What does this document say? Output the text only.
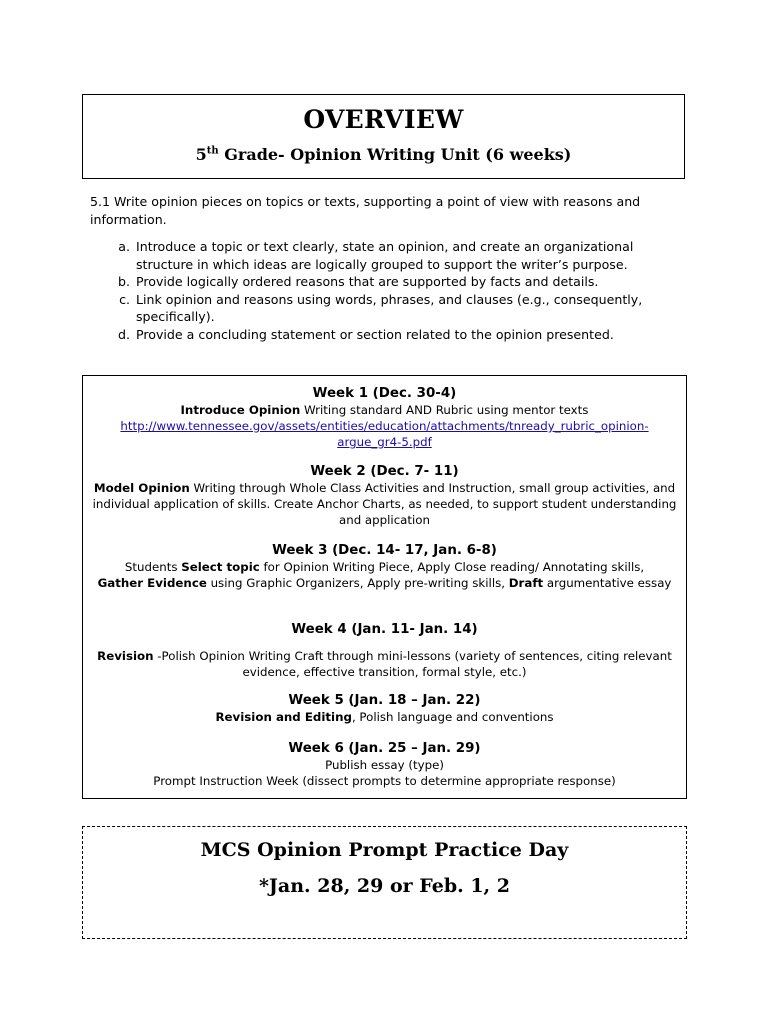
OVERVIEW
5th Grade- Opinion Writing Unit (6 weeks)

5.1 Write opinion pieces on topics or texts, supporting a point of view with reasons and information.

a. Introduce a topic or text clearly, state an opinion, and create an organizational structure in which ideas are logically grouped to support the writer’s purpose.
b. Provide logically ordered reasons that are supported by facts and details.
c. Link opinion and reasons using words, phrases, and clauses (e.g., consequently, specifically).
d. Provide a concluding statement or section related to the opinion presented.
Week 1 (Dec. 30-4)
Introduce Opinion Writing standard AND Rubric using mentor texts
http://www.tennessee.gov/assets/entities/education/attachments/tnready_rubric_opinion-argue_gr4-5.pdf
Week 2 (Dec. 7- 11)
Model Opinion Writing through Whole Class Activities and Instruction, small group activities, and individual application of skills. Create Anchor Charts, as needed, to support student understanding and application
Week 3 (Dec. 14- 17, Jan. 6-8)
Students Select topic for Opinion Writing Piece, Apply Close reading/ Annotating skills,
Gather Evidence using Graphic Organizers, Apply pre-writing skills, Draft argumentative essay
Week 4 (Jan. 11- Jan. 14)
Revision -Polish Opinion Writing Craft through mini-lessons (variety of sentences, citing relevant evidence, effective transition, formal style, etc.)
Week 5 (Jan. 18 – Jan. 22)
Revision and Editing, Polish language and conventions
Week 6 (Jan. 25 – Jan. 29)
Publish essay (type)
Prompt Instruction Week (dissect prompts to determine appropriate response)
MCS Opinion Prompt Practice Day
*Jan. 28, 29 or Feb. 1, 2
